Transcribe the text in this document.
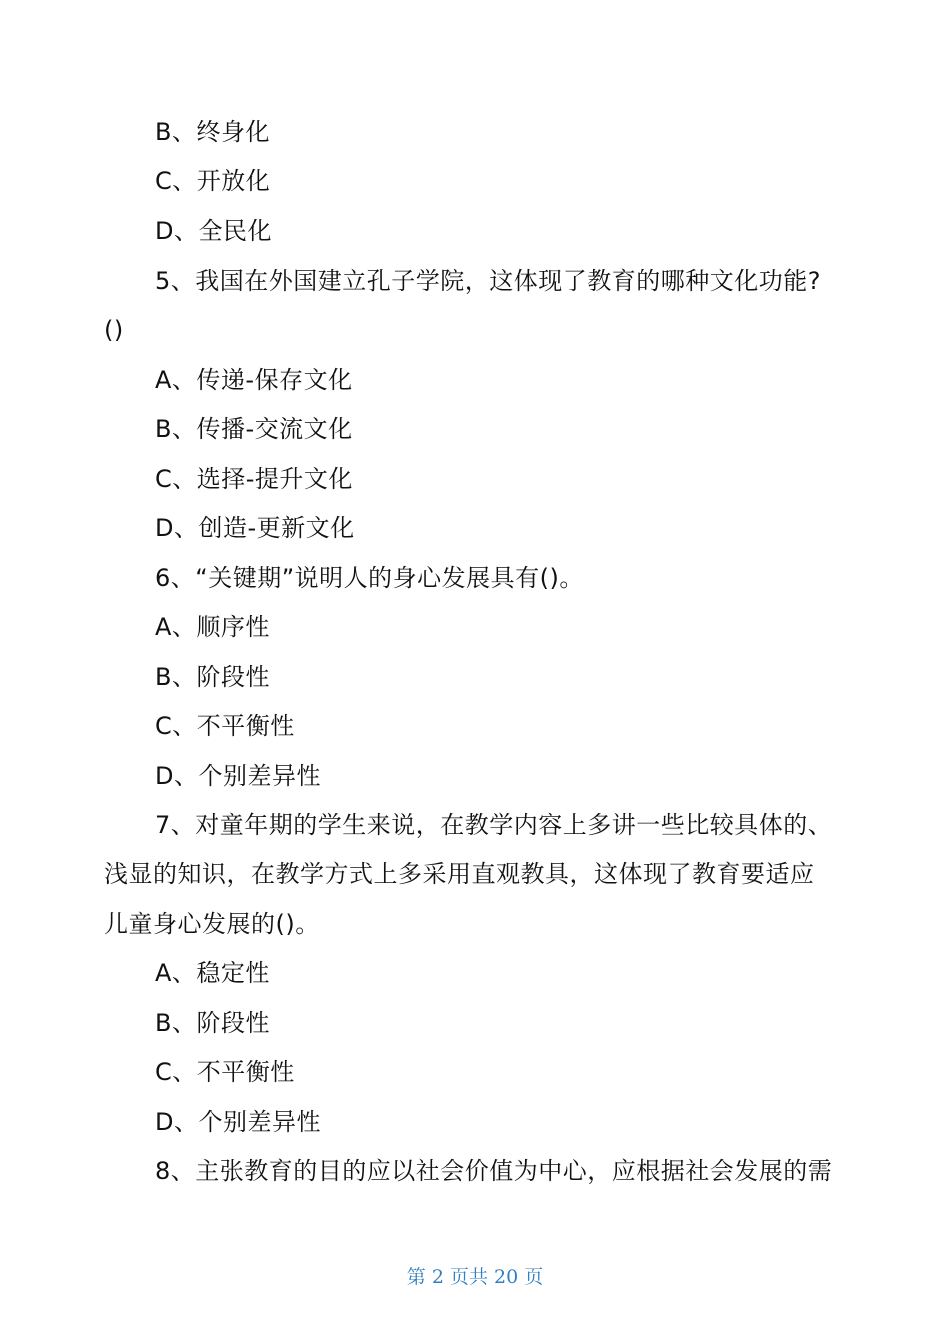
B、终身化
C、开放化
D、全民化
5、我国在外国建立孔子学院，这体现了教育的哪种文化功能?
()
A、传递-保存文化
B、传播-交流文化
C、选择-提升文化
D、创造-更新文化
6、“关键期”说明人的身心发展具有()。
A、顺序性
B、阶段性
C、不平衡性
D、个别差异性
7、对童年期的学生来说，在教学内容上多讲一些比较具体的、
浅显的知识，在教学方式上多采用直观教具，这体现了教育要适应
儿童身心发展的()。
A、稳定性
B、阶段性
C、不平衡性
D、个别差异性
8、主张教育的目的应以社会价值为中心，应根据社会发展的需
第 2 页共 20 页
